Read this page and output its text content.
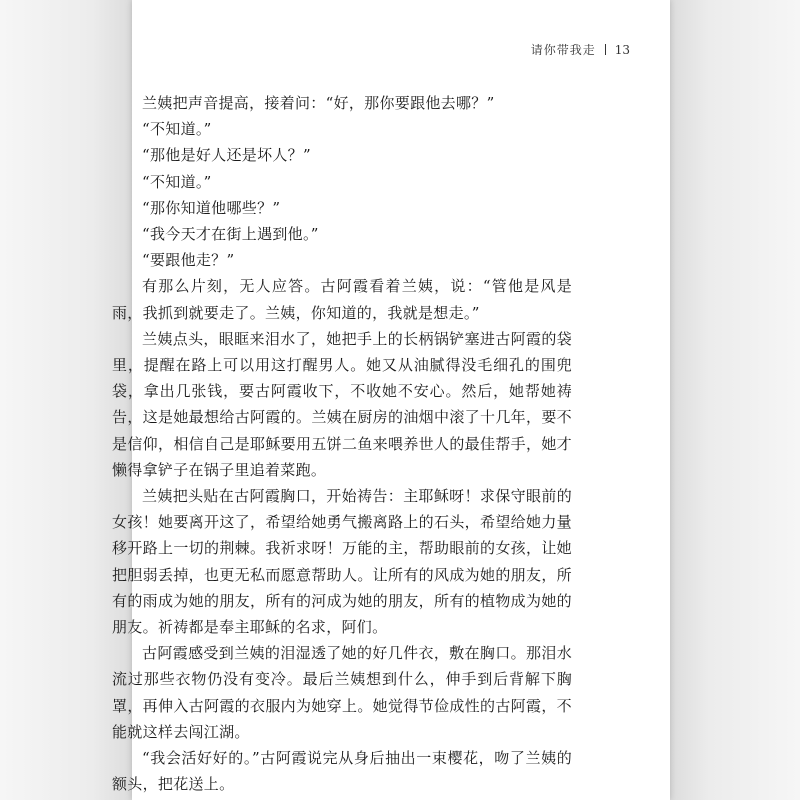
请你带我走 13

兰姨把声音提高，接着问：“好，那你要跟他去哪？”

“不知道。”

“那他是好人还是坏人？”

“不知道。”

“那你知道他哪些？”

“我今天才在街上遇到他。”

“要跟他走？”

有那么片刻，无人应答。古阿霞看着兰姨，说：“管他是风是雨，我抓到就要走了。兰姨，你知道的，我就是想走。”

兰姨点头，眼眶来泪水了，她把手上的长柄锅铲塞进古阿霞的袋里，提醒在路上可以用这打醒男人。她又从油腻得没毛细孔的围兜袋，拿出几张钱，要古阿霞收下，不收她不安心。然后，她帮她祷告，这是她最想给古阿霞的。兰姨在厨房的油烟中滚了十几年，要不是信仰，相信自己是耶稣要用五饼二鱼来喂养世人的最佳帮手，她才懒得拿铲子在锅子里追着菜跑。

兰姨把头贴在古阿霞胸口，开始祷告：主耶稣呀！求保守眼前的女孩！她要离开这了，希望给她勇气搬离路上的石头，希望给她力量移开路上一切的荆棘。我祈求呀！万能的主，帮助眼前的女孩，让她把胆弱丢掉，也更无私而愿意帮助人。让所有的风成为她的朋友，所有的雨成为她的朋友，所有的河成为她的朋友，所有的植物成为她的朋友。祈祷都是奉主耶稣的名求，阿们。

古阿霞感受到兰姨的泪湿透了她的好几件衣，敷在胸口。那泪水流过那些衣物仍没有变冷。最后兰姨想到什么，伸手到后背解下胸罩，再伸入古阿霞的衣服内为她穿上。她觉得节俭成性的古阿霞，不能就这样去闯江湖。

“我会活好好的。”古阿霞说完从身后抽出一束樱花，吻了兰姨的额头，把花送上。
